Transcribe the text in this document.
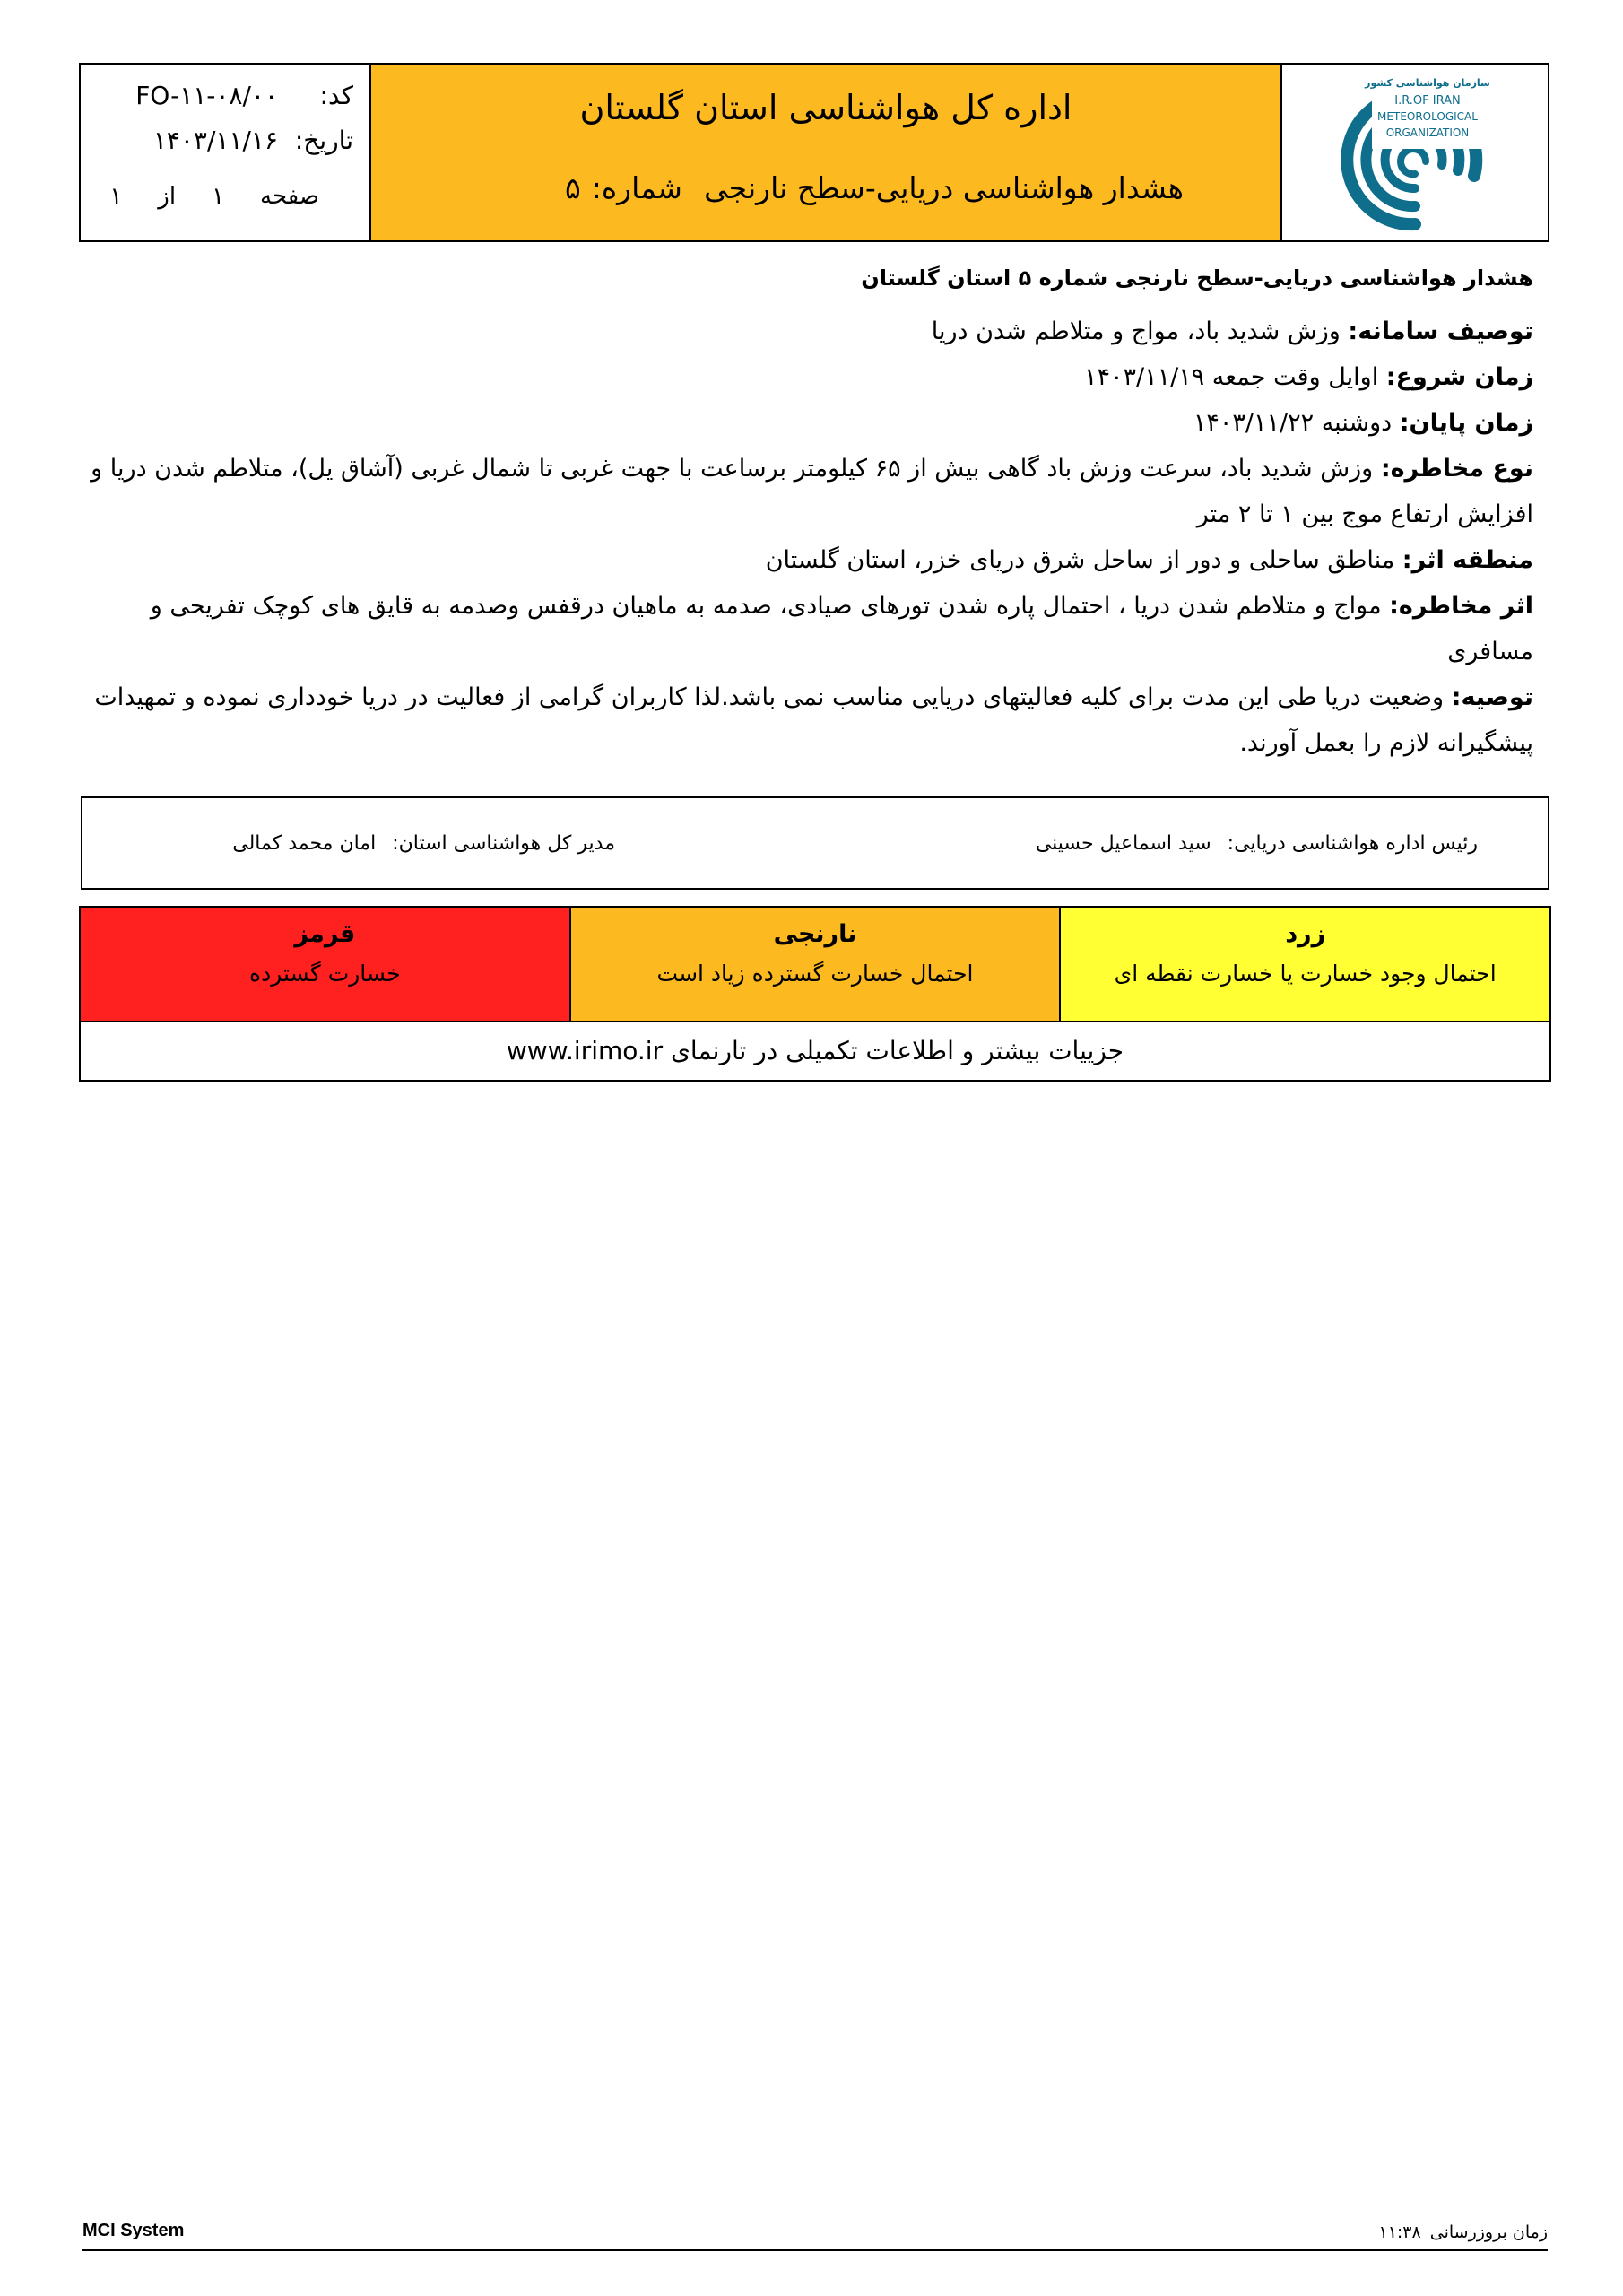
کد:
FO-۱۱-۰۸/۰۰
تاریخ:
۱۴۰۳/۱۱/۱۶
صفحه
۱
از
۱
اداره کل هواشناسی استان گلستان
هشدار هواشناسی دریایی-سطح نارنجی
شماره:
۵
سازمان هواشناسی کشور
I.R.OF IRAN
METEOROLOGICAL
ORGANIZATION

هشدار هواشناسی دریایی-سطح نارنجی شماره ۵ استان گلستان

توصیف سامانه: وزش شدید باد، مواج و متلاطم شدن دریا

زمان شروع: اوایل وقت جمعه ۱۴۰۳/۱۱/۱۹

زمان پایان: دوشنبه ۱۴۰۳/۱۱/۲۲

نوع مخاطره: وزش شدید باد، سرعت وزش باد گاهی بیش از ۶۵ کیلومتر برساعت با جهت غربی تا شمال غربی (آشاق یل)، متلاطم شدن دریا و افزایش ارتفاع موج بین ۱ تا ۲ متر

منطقه اثر: مناطق ساحلی و دور از ساحل شرق دریای خزر، استان گلستان

اثر مخاطره: مواج و متلاطم شدن دریا ، احتمال پاره شدن تورهای صیادی، صدمه به ماهیان درقفس وصدمه به قایق های کوچک تفریحی و مسافری

توصیه: وضعیت دریا طی این مدت برای کلیه فعالیتهای دریایی مناسب نمی باشد.لذا کاربران گرامی از فعالیت در دریا خودداری نموده و تمهیدات پیشگیرانه لازم را بعمل آورند.

رئیس اداره هواشناسی دریایی:
سید اسماعیل حسینی
مدیر کل هواشناسی استان:
امان محمد کمالی
قرمز
خسارت گسترده
نارنجی
احتمال خسارت گسترده زیاد است
زرد
احتمال وجود خسارت یا خسارت نقطه ای
جزییات بیشتر و اطلاعات تکمیلی در تارنمای www.irimo.ir
MCI System	زمان بروزرسانی
۱۱:۳۸
